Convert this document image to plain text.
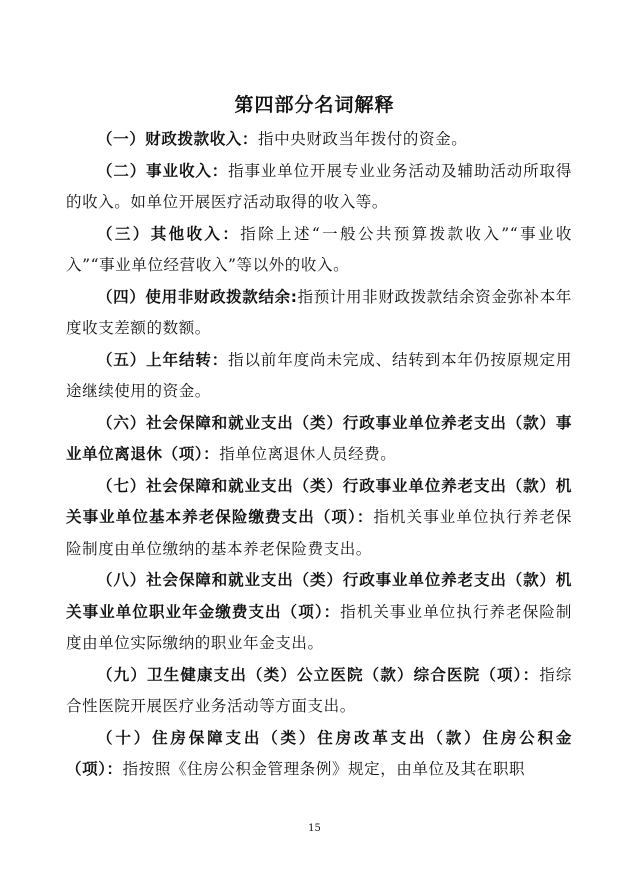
第四部分名词解释

（一）财政拨款收入：指中央财政当年拨付的资金。

（二）事业收入：指事业单位开展专业业务活动及辅助活动所取得的收入。如单位开展医疗活动取得的收入等。

（三）其他收入：指除上述“一般公共预算拨款收入”“事业收入”“事业单位经营收入”等以外的收入。

（四）使用非财政拨款结余:指预计用非财政拨款结余资金弥补本年度收支差额的数额。

（五）上年结转：指以前年度尚未完成、结转到本年仍按原规定用途继续使用的资金。

（六）社会保障和就业支出（类）行政事业单位养老支出（款）事业单位离退休（项）：指单位离退休人员经费。

（七）社会保障和就业支出（类）行政事业单位养老支出（款）机关事业单位基本养老保险缴费支出（项）：指机关事业单位执行养老保险制度由单位缴纳的基本养老保险费支出。

（八）社会保障和就业支出（类）行政事业单位养老支出（款）机关事业单位职业年金缴费支出（项）：指机关事业单位执行养老保险制度由单位实际缴纳的职业年金支出。

（九）卫生健康支出（类）公立医院（款）综合医院（项）：指综合性医院开展医疗业务活动等方面支出。

（十）住房保障支出（类）住房改革支出（款）住房公积金（项）：指按照《住房公积金管理条例》规定，由单位及其在职职

15
